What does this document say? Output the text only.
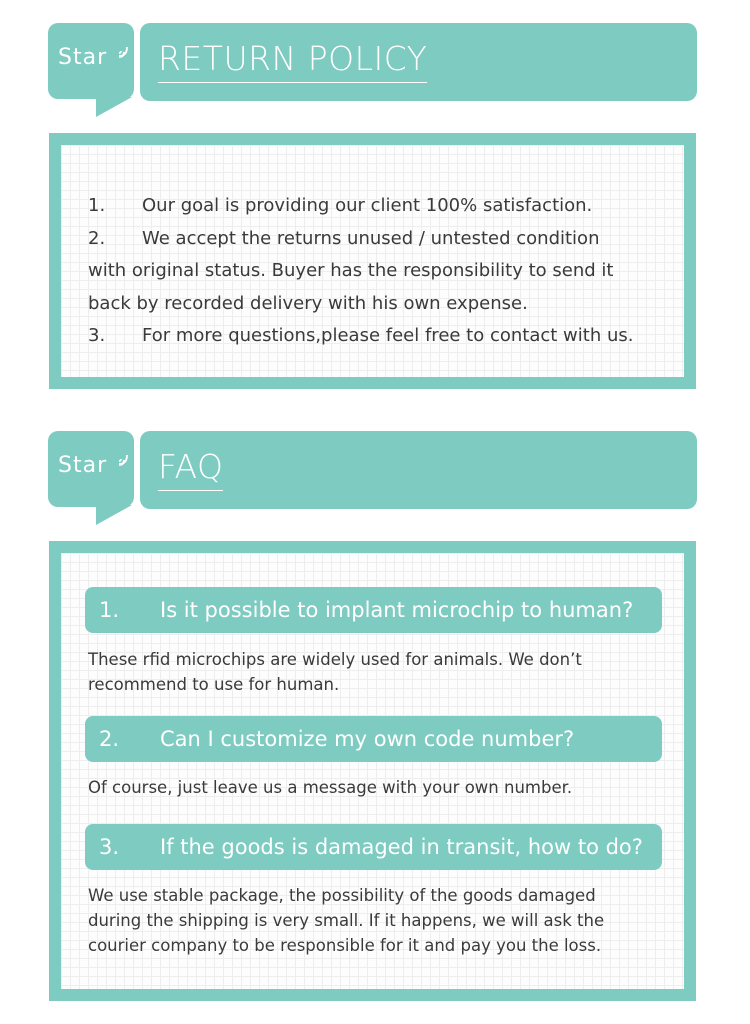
Star RETURN POLICY
1. Our goal is providing our client 100% satisfaction.
2. We accept the returns unused / untested condition
with original status. Buyer has the responsibility to send it
back by recorded delivery with his own expense.
3. For more questions,please feel free to contact with us.
Star FAQ
1. Is it possible to implant microchip to human?
These rfid microchips are widely used for animals. We don’t
recommend to use for human.
2. Can I customize my own code number?
Of course, just leave us a message with your own number.
3. If the goods is damaged in transit, how to do?
We use stable package, the possibility of the goods damaged
during the shipping is very small. If it happens, we will ask the
courier company to be responsible for it and pay you the loss.
